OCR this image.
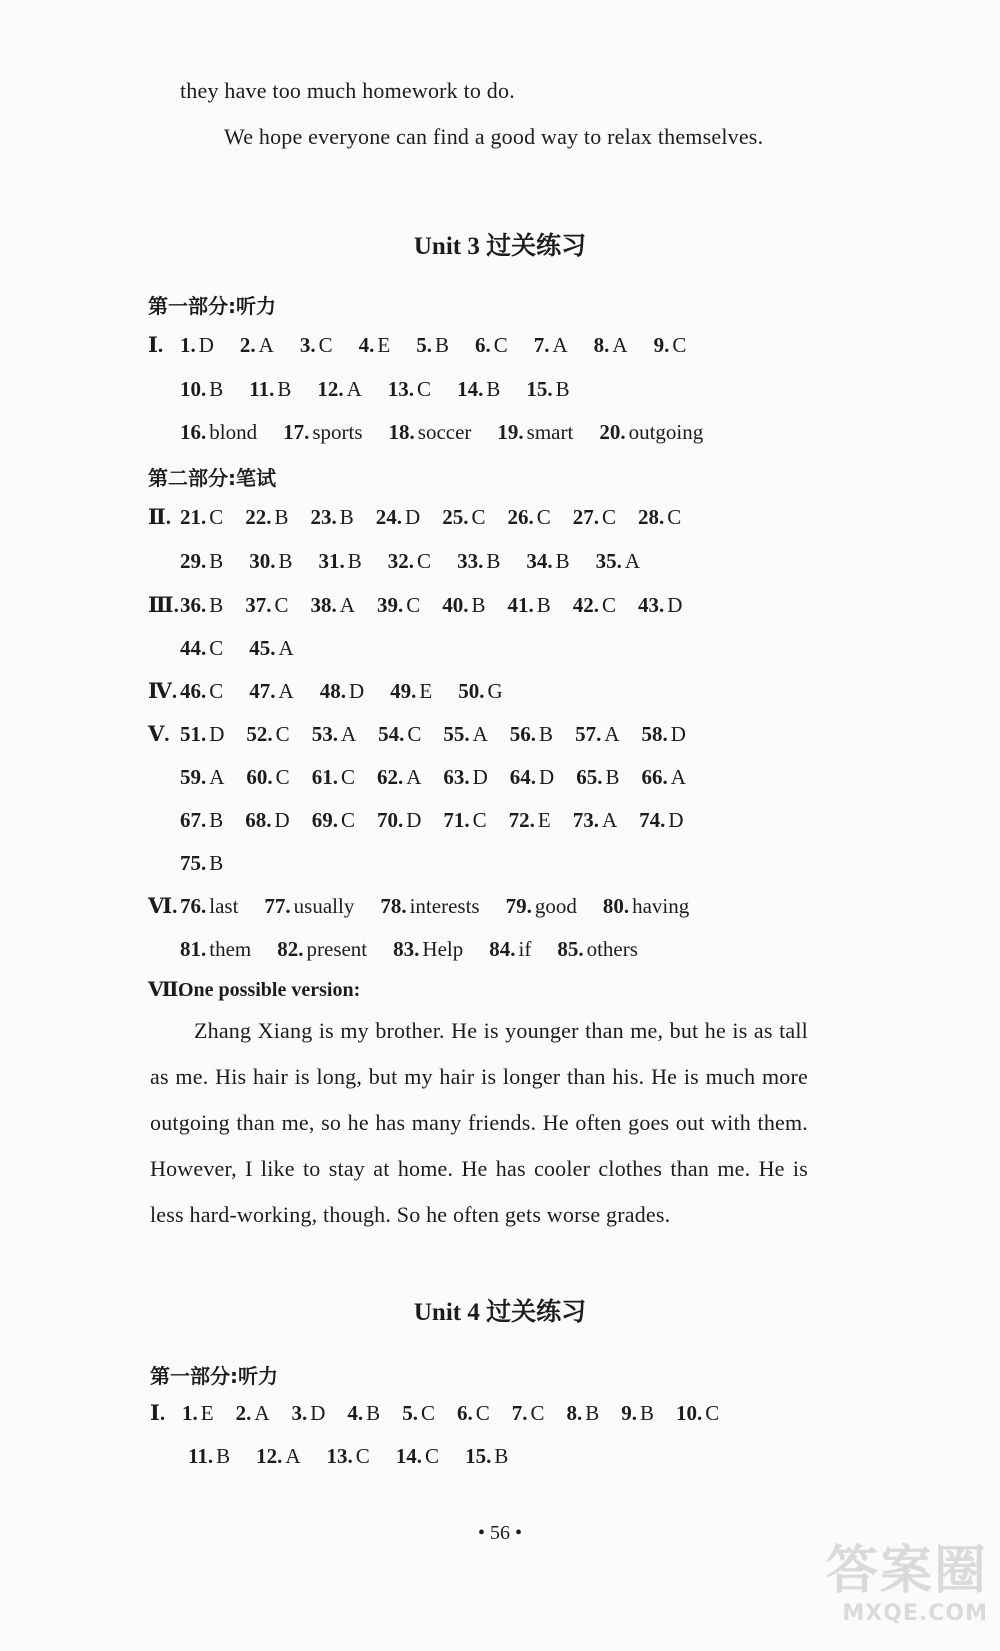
they have too much homework to do.

We hope everyone can find a good way to relax themselves.

Unit 3 过关练习
第一部分:听力
Ⅰ. 1. D 2. A 3. C 4. E 5. B 6. C 7. A 8. A 9. C
10. B 11. B 12. A 13. C 14. B 15. B
16. blond 17. sports 18. soccer 19. smart 20. outgoing
第二部分:笔试
Ⅱ. 21. C 22. B 23. B 24. D 25. C 26. C 27. C 28. C
29. B 30. B 31. B 32. C 33. B 34. B 35. A
Ⅲ.36. B 37. C 38. A 39. C 40. B 41. B 42. C 43. D
44. C 45. A
Ⅳ. 46. C 47. A 48. D 49. E 50. G
Ⅴ. 51. D 52. C 53. A 54. C 55. A 56. B 57. A 58. D
59. A 60. C 61. C 62. A 63. D 64. D 65. B 66. A
67. B 68. D 69. C 70. D 71. C 72. E 73. A 74. D
75. B
Ⅵ. 76. last 77. usually 78. interests 79. good 80. having
81. them 82. present 83. Help 84. if 85. others
Ⅶ.One possible version:

Zhang Xiang is my brother. He is younger than me, but he is as tall as me. His hair is long, but my hair is longer than his. He is much more outgoing than me, so he has many friends. He often goes out with them. However, I like to stay at home. He has cooler clothes than me. He is less hard-working, though. So he often gets worse grades.

Unit 4 过关练习
第一部分:听力
Ⅰ. 1. E 2. A 3. D 4. B 5. C 6. C 7. C 8. B 9. B 10. C
11. B 12. A 13. C 14. C 15. B
• 56 •
答案圈
MXQE.COM
